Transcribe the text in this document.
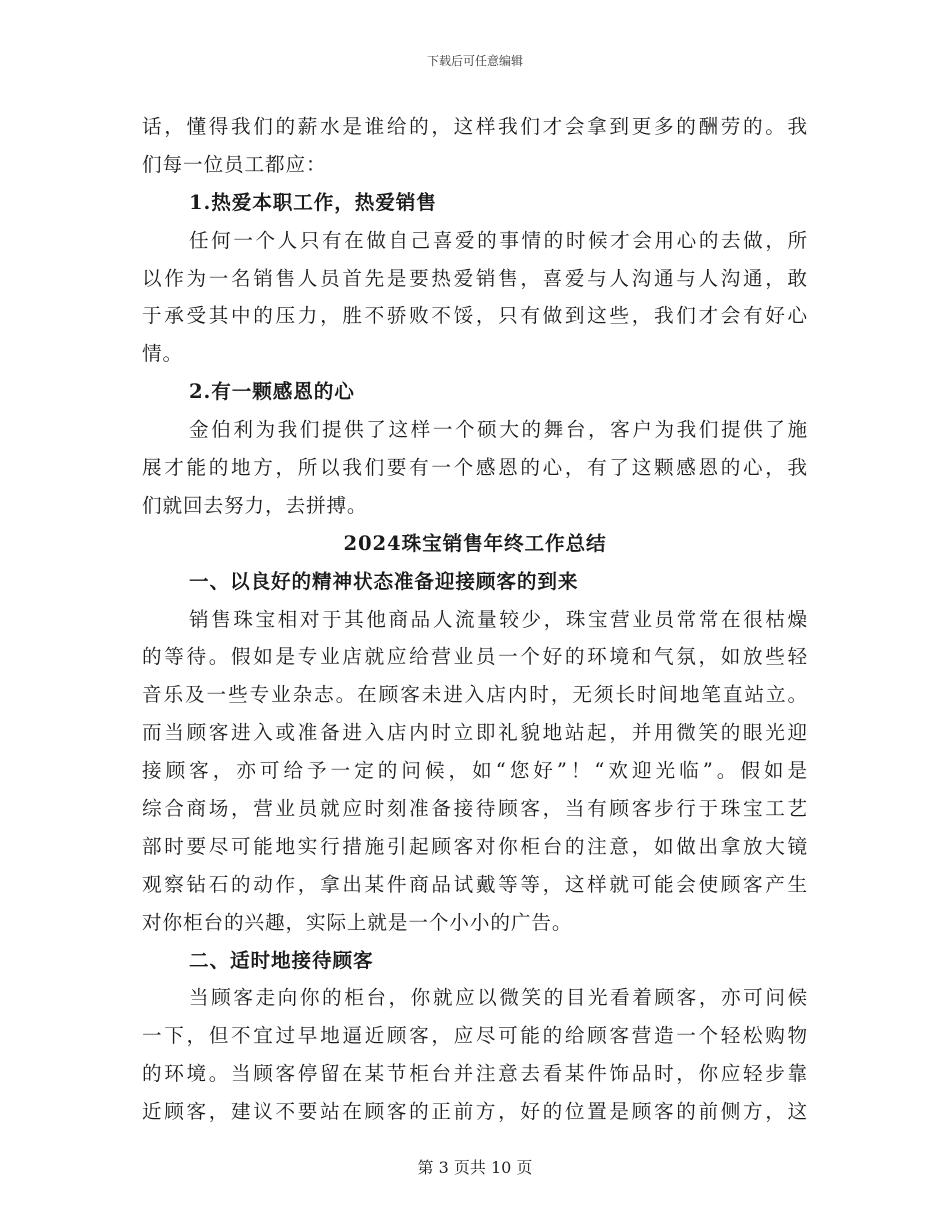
下载后可任意编辑
话，懂得我们的薪水是谁给的，这样我们才会拿到更多的酬劳的。我
们每一位员工都应：
1.热爱本职工作，热爱销售
任何一个人只有在做自己喜爱的事情的时候才会用心的去做，所
以作为一名销售人员首先是要热爱销售，喜爱与人沟通与人沟通，敢
于承受其中的压力，胜不骄败不馁，只有做到这些，我们才会有好心
情。
2.有一颗感恩的心
金伯利为我们提供了这样一个硕大的舞台，客户为我们提供了施
展才能的地方，所以我们要有一个感恩的心，有了这颗感恩的心，我
们就回去努力，去拼搏。
2024珠宝销售年终工作总结
一、以良好的精神状态准备迎接顾客的到来
销售珠宝相对于其他商品人流量较少，珠宝营业员常常在很枯燥
的等待。假如是专业店就应给营业员一个好的环境和气氛，如放些轻
音乐及一些专业杂志。在顾客未进入店内时，无须长时间地笔直站立。
而当顾客进入或准备进入店内时立即礼貌地站起，并用微笑的眼光迎
接顾客，亦可给予一定的问候，如“您好”！“欢迎光临”。假如是
综合商场，营业员就应时刻准备接待顾客，当有顾客步行于珠宝工艺
部时要尽可能地实行措施引起顾客对你柜台的注意，如做出拿放大镜
观察钻石的动作，拿出某件商品试戴等等，这样就可能会使顾客产生
对你柜台的兴趣，实际上就是一个小小的广告。
二、适时地接待顾客
当顾客走向你的柜台，你就应以微笑的目光看着顾客，亦可问候
一下，但不宜过早地逼近顾客，应尽可能的给顾客营造一个轻松购物
的环境。当顾客停留在某节柜台并注意去看某件饰品时，你应轻步靠
近顾客，建议不要站在顾客的正前方，好的位置是顾客的前侧方，这
第 3 页共 10 页
